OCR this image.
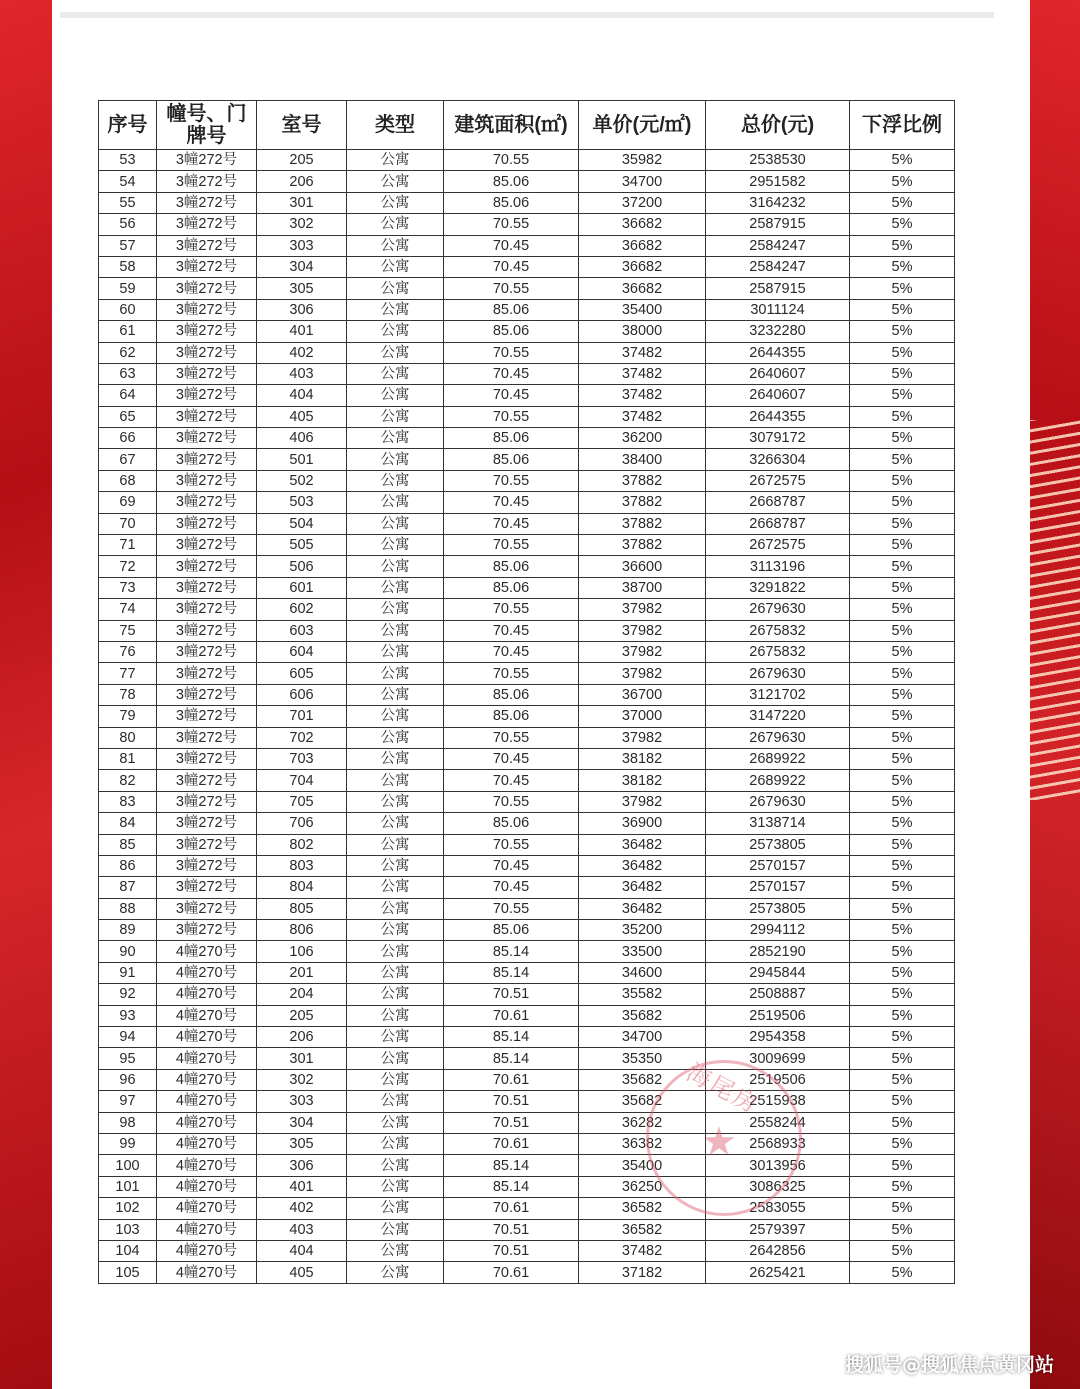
序号	幢号、门牌号	室号	类型	建筑面积(㎡)	单价(元/㎡)	总价(元)	下浮比例
53	3幢272号	205	公寓	70.55	35982	2538530	5%
54	3幢272号	206	公寓	85.06	34700	2951582	5%
55	3幢272号	301	公寓	85.06	37200	3164232	5%
56	3幢272号	302	公寓	70.55	36682	2587915	5%
57	3幢272号	303	公寓	70.45	36682	2584247	5%
58	3幢272号	304	公寓	70.45	36682	2584247	5%
59	3幢272号	305	公寓	70.55	36682	2587915	5%
60	3幢272号	306	公寓	85.06	35400	3011124	5%
61	3幢272号	401	公寓	85.06	38000	3232280	5%
62	3幢272号	402	公寓	70.55	37482	2644355	5%
63	3幢272号	403	公寓	70.45	37482	2640607	5%
64	3幢272号	404	公寓	70.45	37482	2640607	5%
65	3幢272号	405	公寓	70.55	37482	2644355	5%
66	3幢272号	406	公寓	85.06	36200	3079172	5%
67	3幢272号	501	公寓	85.06	38400	3266304	5%
68	3幢272号	502	公寓	70.55	37882	2672575	5%
69	3幢272号	503	公寓	70.45	37882	2668787	5%
70	3幢272号	504	公寓	70.45	37882	2668787	5%
71	3幢272号	505	公寓	70.55	37882	2672575	5%
72	3幢272号	506	公寓	85.06	36600	3113196	5%
73	3幢272号	601	公寓	85.06	38700	3291822	5%
74	3幢272号	602	公寓	70.55	37982	2679630	5%
75	3幢272号	603	公寓	70.45	37982	2675832	5%
76	3幢272号	604	公寓	70.45	37982	2675832	5%
77	3幢272号	605	公寓	70.55	37982	2679630	5%
78	3幢272号	606	公寓	85.06	36700	3121702	5%
79	3幢272号	701	公寓	85.06	37000	3147220	5%
80	3幢272号	702	公寓	70.55	37982	2679630	5%
81	3幢272号	703	公寓	70.45	38182	2689922	5%
82	3幢272号	704	公寓	70.45	38182	2689922	5%
83	3幢272号	705	公寓	70.55	37982	2679630	5%
84	3幢272号	706	公寓	85.06	36900	3138714	5%
85	3幢272号	802	公寓	70.55	36482	2573805	5%
86	3幢272号	803	公寓	70.45	36482	2570157	5%
87	3幢272号	804	公寓	70.45	36482	2570157	5%
88	3幢272号	805	公寓	70.55	36482	2573805	5%
89	3幢272号	806	公寓	85.06	35200	2994112	5%
90	4幢270号	106	公寓	85.14	33500	2852190	5%
91	4幢270号	201	公寓	85.14	34600	2945844	5%
92	4幢270号	204	公寓	70.51	35582	2508887	5%
93	4幢270号	205	公寓	70.61	35682	2519506	5%
94	4幢270号	206	公寓	85.14	34700	2954358	5%
95	4幢270号	301	公寓	85.14	35350	3009699	5%
96	4幢270号	302	公寓	70.61	35682	2519506	5%
97	4幢270号	303	公寓	70.51	35682	2515938	5%
98	4幢270号	304	公寓	70.51	36282	2558244	5%
99	4幢270号	305	公寓	70.61	36382	2568933	5%
100	4幢270号	306	公寓	85.14	35400	3013956	5%
101	4幢270号	401	公寓	85.14	36250	3086325	5%
102	4幢270号	402	公寓	70.61	36582	2583055	5%
103	4幢270号	403	公寓	70.51	36582	2579397	5%
104	4幢270号	404	公寓	70.51	37482	2642856	5%
105	4幢270号	405	公寓	70.61	37182	2625421	5%
海尾房
★
搜狐号@搜狐焦点黄冈站
